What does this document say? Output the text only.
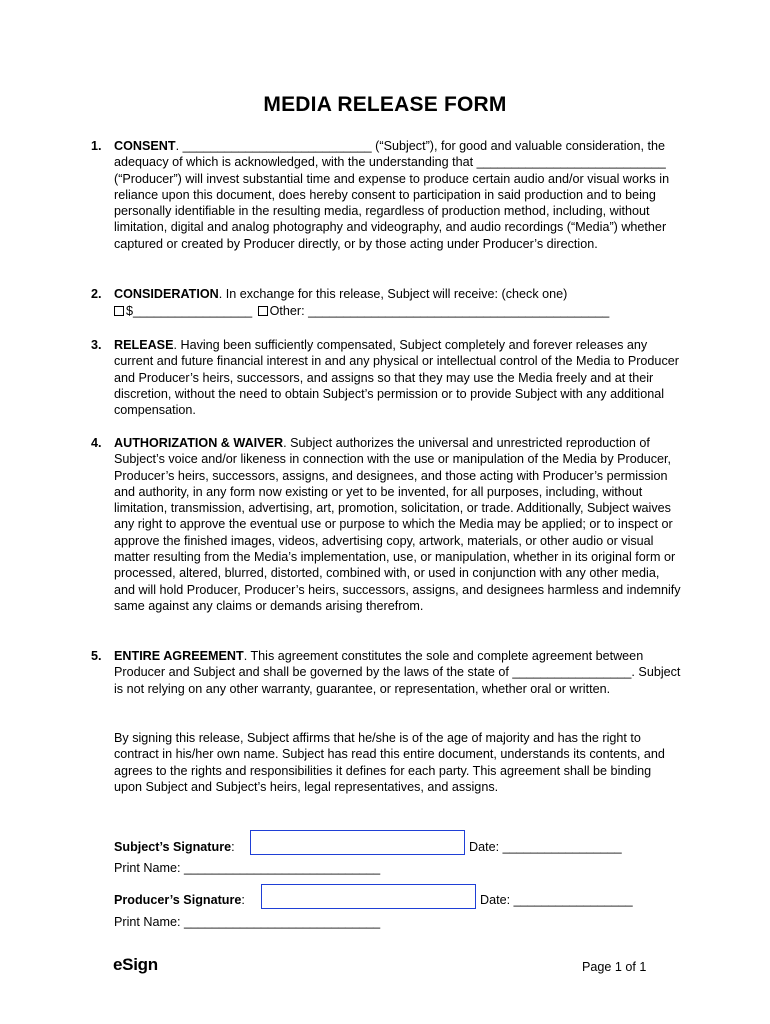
MEDIA RELEASE FORM
1. CONSENT. ___________________________ (“Subject”), for good and valuable consideration, the adequacy of which is acknowledged, with the understanding that ___________________________ (“Producer”) will invest substantial time and expense to produce certain audio and/or visual works in reliance upon this document, does hereby consent to participation in said production and to being personally identifiable in the resulting media, regardless of production method, including, without limitation, digital and analog photography and videography, and audio recordings (“Media”) whether captured or created by Producer directly, or by those acting under Producer’s direction.
2. CONSIDERATION. In exchange for this release, Subject will receive: (check one)
$_________________ Other: ___________________________________________
3. RELEASE. Having been sufficiently compensated, Subject completely and forever releases any current and future financial interest in and any physical or intellectual control of the Media to Producer and Producer’s heirs, successors, and assigns so that they may use the Media freely and at their discretion, without the need to obtain Subject’s permission or to provide Subject with any additional compensation.
4. AUTHORIZATION & WAIVER. Subject authorizes the universal and unrestricted reproduction of Subject’s voice and/or likeness in connection with the use or manipulation of the Media by Producer, Producer’s heirs, successors, assigns, and designees, and those acting with Producer’s permission and authority, in any form now existing or yet to be invented, for all purposes, including, without limitation, transmission, advertising, art, promotion, solicitation, or trade. Additionally, Subject waives any right to approve the eventual use or purpose to which the Media may be applied; or to inspect or approve the finished images, videos, advertising copy, artwork, materials, or other audio or visual matter resulting from the Media’s implementation, use, or manipulation, whether in its original form or processed, altered, blurred, distorted, combined with, or used in conjunction with any other media, and will hold Producer, Producer’s heirs, successors, assigns, and designees harmless and indemnify same against any claims or demands arising therefrom.
5. ENTIRE AGREEMENT. This agreement constitutes the sole and complete agreement between Producer and Subject and shall be governed by the laws of the state of _________________. Subject is not relying on any other warranty, guarantee, or representation, whether oral or written.
By signing this release, Subject affirms that he/she is of the age of majority and has the right to contract in his/her own name. Subject has read this entire document, understands its contents, and agrees to the rights and responsibilities it defines for each party. This agreement shall be binding upon Subject and Subject’s heirs, legal representatives, and assigns.
Subject’s Signature:	Date: _________________
Print Name: ____________________________
Producer’s Signature:	Date: _________________
Print Name: ____________________________
eSign	Page 1 of 1
